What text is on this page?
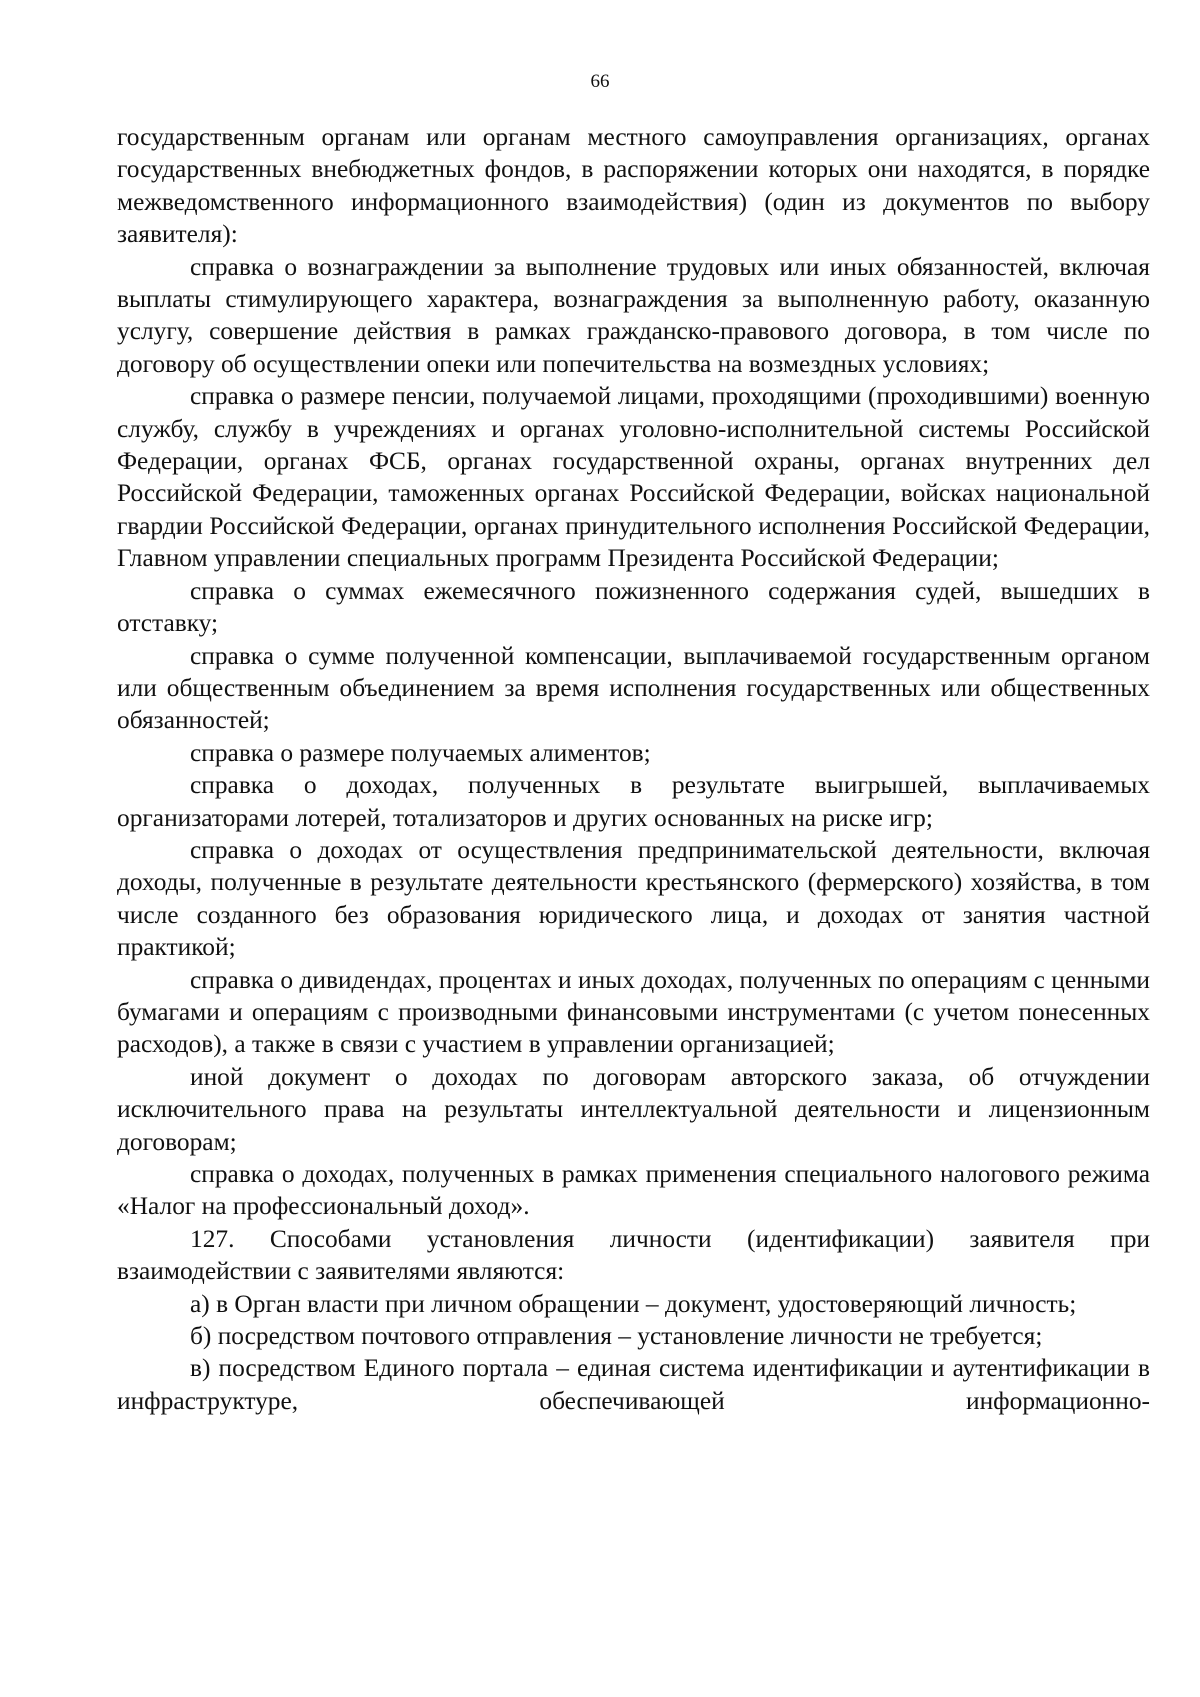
66

государственным органам или органам местного самоуправления организациях, органах государственных внебюджетных фондов, в распоряжении которых они находятся, в порядке межведомственного информационного взаимодействия) (один из документов по выбору заявителя):

справка о вознаграждении за выполнение трудовых или иных обязанностей, включая выплаты стимулирующего характера, вознаграждения за выполненную работу, оказанную услугу, совершение действия в рамках гражданско-правового договора, в том числе по договору об осуществлении опеки или попечительства на возмездных условиях;

справка о размере пенсии, получаемой лицами, проходящими (проходившими) военную службу, службу в учреждениях и органах уголовно-исполнительной системы Российской Федерации, органах ФСБ, органах государственной охраны, органах внутренних дел Российской Федерации, таможенных органах Российской Федерации, войсках национальной гвардии Российской Федерации, органах принудительного исполнения Российской Федерации, Главном управлении специальных программ Президента Российской Федерации;

справка о суммах ежемесячного пожизненного содержания судей, вышедших в отставку;

справка о сумме полученной компенсации, выплачиваемой государственным органом или общественным объединением за время исполнения государственных или общественных обязанностей;

справка о размере получаемых алиментов;

справка о доходах, полученных в результате выигрышей, выплачиваемых организаторами лотерей, тотализаторов и других основанных на риске игр;

справка о доходах от осуществления предпринимательской деятельности, включая доходы, полученные в результате деятельности крестьянского (фермерского) хозяйства, в том числе созданного без образования юридического лица, и доходах от занятия частной практикой;

справка о дивидендах, процентах и иных доходах, полученных по операциям с ценными бумагами и операциям с производными финансовыми инструментами (с учетом понесенных расходов), а также в связи с участием в управлении организацией;

иной документ о доходах по договорам авторского заказа, об отчуждении исключительного права на результаты интеллектуальной деятельности и лицензионным договорам;

справка о доходах, полученных в рамках применения специального налогового режима «Налог на профессиональный доход».

127. Способами установления личности (идентификации) заявителя при взаимодействии с заявителями являются:

а) в Орган власти при личном обращении – документ, удостоверяющий личность;

б) посредством почтового отправления – установление личности не требуется;

в) посредством Единого портала – единая система идентификации и аутентификации в инфраструктуре, обеспечивающей информационно-
